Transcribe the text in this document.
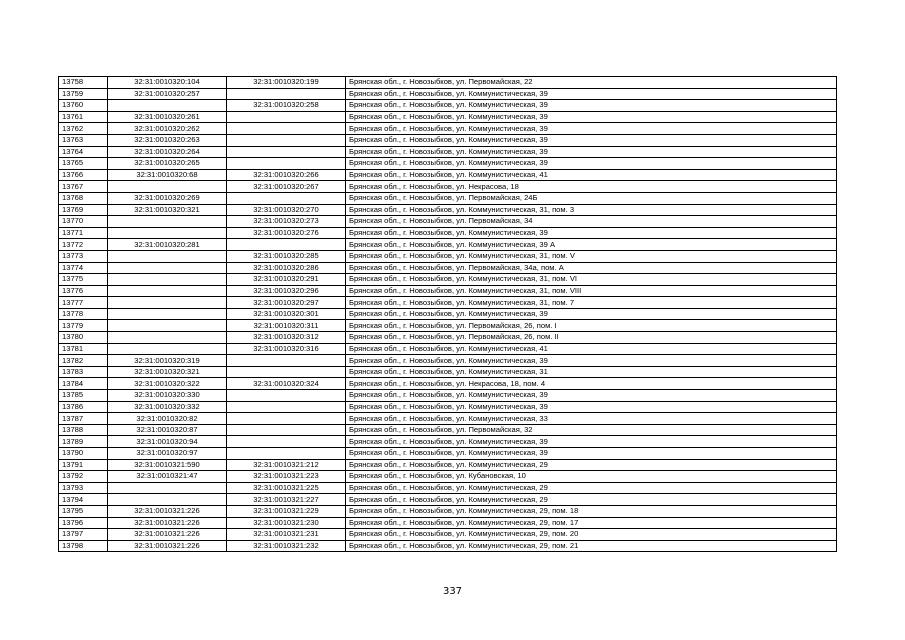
13758	32:31:0010320:104	32:31:0010320:199	Брянская обл., г. Новозыбков, ул. Первомайская, 22
13759	32:31:0010320:257		Брянская обл., г. Новозыбков, ул. Коммунистическая, 39
13760		32:31:0010320:258	Брянская обл., г. Новозыбков, ул. Коммунистическая, 39
13761	32:31:0010320:261		Брянская обл., г. Новозыбков, ул. Коммунистическая, 39
13762	32:31:0010320:262		Брянская обл., г. Новозыбков, ул. Коммунистическая, 39
13763	32:31:0010320:263		Брянская обл., г. Новозыбков, ул. Коммунистическая, 39
13764	32:31:0010320:264		Брянская обл., г. Новозыбков, ул. Коммунистическая, 39
13765	32:31:0010320:265		Брянская обл., г. Новозыбков, ул. Коммунистическая, 39
13766	32:31:0010320:68	32:31:0010320:266	Брянская обл., г. Новозыбков, ул. Коммунистическая, 41
13767		32:31:0010320:267	Брянская обл., г. Новозыбков, ул. Некрасова, 18
13768	32:31:0010320:269		Брянская обл., г. Новозыбков, ул. Первомайская, 24Б
13769	32:31:0010320:321	32:31:0010320:270	Брянская обл., г. Новозыбков, ул. Коммунистическая, 31, пом. 3
13770		32:31:0010320:273	Брянская обл., г. Новозыбков, ул. Первомайская, 34
13771		32:31:0010320:276	Брянская обл., г. Новозыбков, ул. Коммунистическая, 39
13772	32:31:0010320:281		Брянская обл., г. Новозыбков, ул. Коммунистическая, 39 А
13773		32:31:0010320:285	Брянская обл., г. Новозыбков, ул. Коммунистическая, 31, пом. V
13774		32:31:0010320:286	Брянская обл., г. Новозыбков, ул. Первомайская, 34а, пом. А
13775		32:31:0010320:291	Брянская обл., г. Новозыбков, ул. Коммунистическая, 31, пом. VI
13776		32:31:0010320:296	Брянская обл., г. Новозыбков, ул. Коммунистическая, 31, пом. VIII
13777		32:31:0010320:297	Брянская обл., г. Новозыбков, ул. Коммунистическая, 31, пом. 7
13778		32:31:0010320:301	Брянская обл., г. Новозыбков, ул. Коммунистическая, 39
13779		32:31:0010320:311	Брянская обл., г. Новозыбков, ул. Первомайская, 26, пом. I
13780		32:31:0010320:312	Брянская обл., г. Новозыбков, ул. Первомайская, 26, пом. II
13781		32:31:0010320:316	Брянская обл., г. Новозыбков, ул. Коммунистическая, 41
13782	32:31:0010320:319		Брянская обл., г. Новозыбков, ул. Коммунистическая, 39
13783	32:31:0010320:321		Брянская обл., г. Новозыбков, ул. Коммунистическая, 31
13784	32:31:0010320:322	32:31:0010320:324	Брянская обл., г. Новозыбков, ул. Некрасова, 18, пом. 4
13785	32:31:0010320:330		Брянская обл., г. Новозыбков, ул. Коммунистическая, 39
13786	32:31:0010320:332		Брянская обл., г. Новозыбков, ул. Коммунистическая, 39
13787	32:31:0010320:82		Брянская обл., г. Новозыбков, ул. Коммунистическая, 33
13788	32:31:0010320:87		Брянская обл., г. Новозыбков, ул. Первомайская, 32
13789	32:31:0010320:94		Брянская обл., г. Новозыбков, ул. Коммунистическая, 39
13790	32:31:0010320:97		Брянская обл., г. Новозыбков, ул. Коммунистическая, 39
13791	32:31:0010321:590	32:31:0010321:212	Брянская обл., г. Новозыбков, ул. Коммунистическая, 29
13792	32:31:0010321:47	32:31:0010321:223	Брянская обл., г. Новозыбков, ул. Кубановская, 10
13793		32:31:0010321:225	Брянская обл., г. Новозыбков, ул. Коммунистическая, 29
13794		32:31:0010321:227	Брянская обл., г. Новозыбков, ул. Коммунистическая, 29
13795	32:31:0010321:226	32:31:0010321:229	Брянская обл., г. Новозыбков, ул. Коммунистическая, 29, пом. 18
13796	32:31:0010321:226	32:31:0010321:230	Брянская обл., г. Новозыбков, ул. Коммунистическая, 29, пом. 17
13797	32:31:0010321:226	32:31:0010321:231	Брянская обл., г. Новозыбков, ул. Коммунистическая, 29, пом. 20
13798	32:31:0010321:226	32:31:0010321:232	Брянская обл., г. Новозыбков, ул. Коммунистическая, 29, пом. 21
337
